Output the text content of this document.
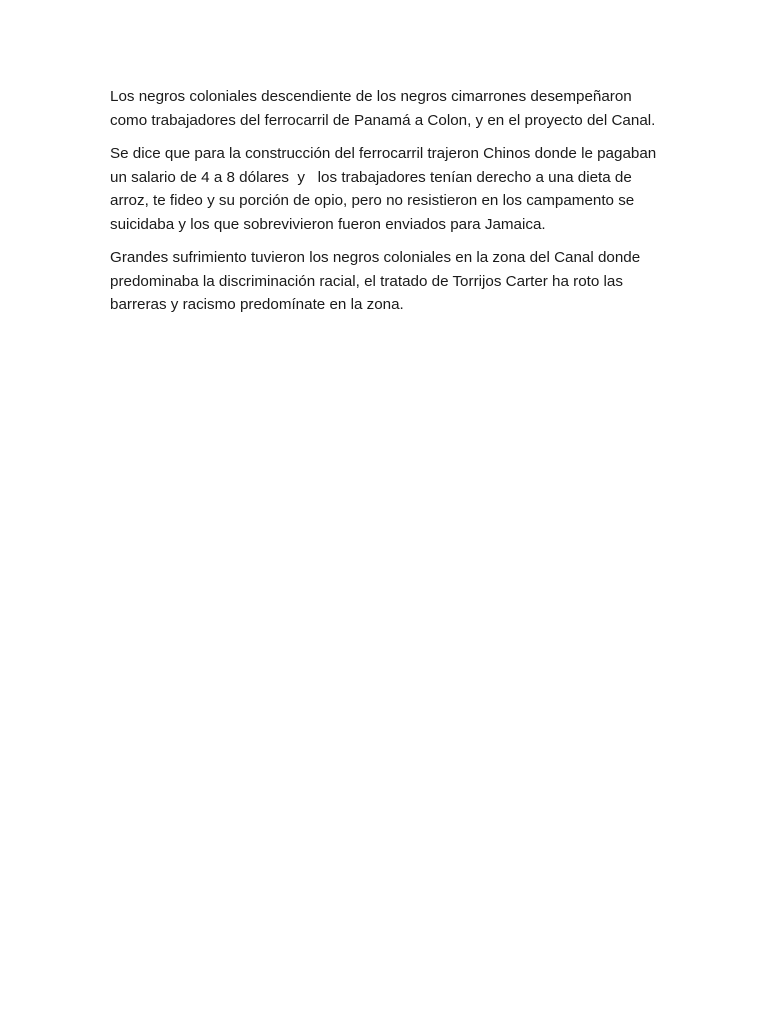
Los negros coloniales descendiente de los negros cimarrones desempeñaron como trabajadores del ferrocarril de Panamá a Colon, y en el proyecto del Canal.

Se dice que para la construcción del ferrocarril trajeron Chinos donde le pagaban un salario de 4 a 8 dólares  y   los trabajadores tenían derecho a una dieta de arroz, te fideo y su porción de opio, pero no resistieron en los campamento se suicidaba y los que sobrevivieron fueron enviados para Jamaica.

Grandes sufrimiento tuvieron los negros coloniales en la zona del Canal donde predominaba la discriminación racial, el tratado de Torrijos Carter ha roto las barreras y racismo predomínate en la zona.
